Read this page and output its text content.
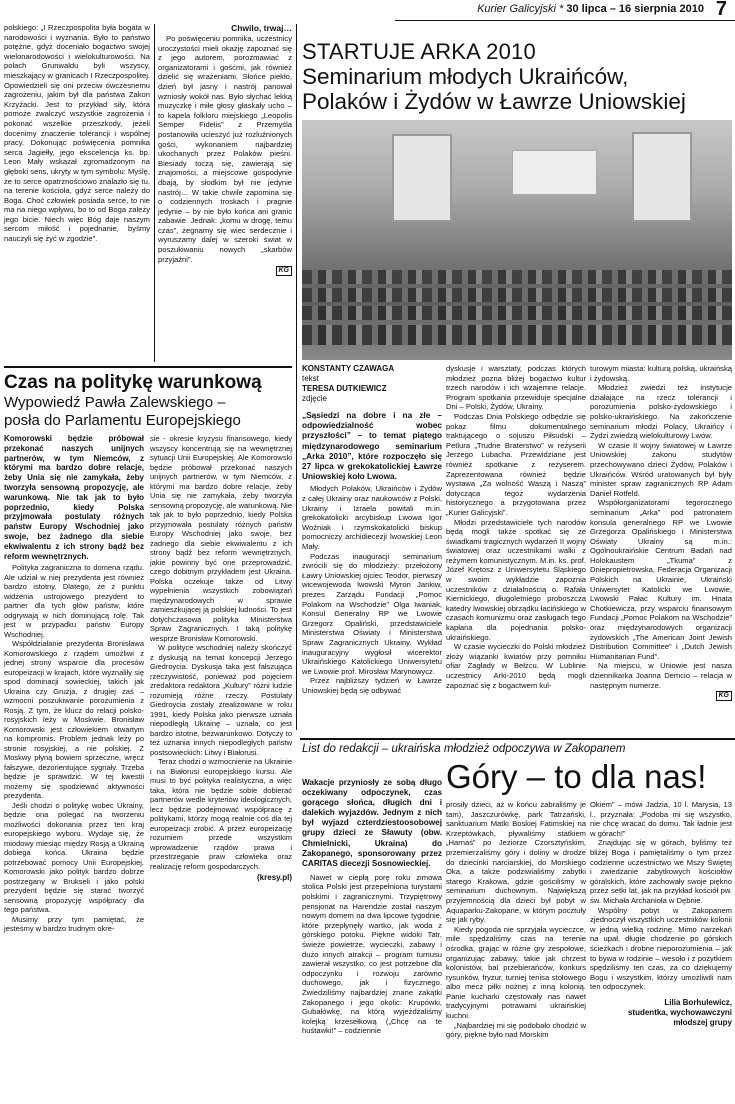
Kurier Galicyjski * 30 lipca – 16 sierpnia 2010 7

polskiego: „I Rzeczpospolita była bogata w narodowości i wyznania. Było to państwo potężne, gdyż doceniało bogactwo swojej wielonarodowości i wielokulturowości. Na polach Grunwaldu byli wszyscy, mieszkający w granicach I Rzeczpospolitej. Opowiedzieli się oni przeciw ówczesnemu zagrożeniu, jakim był dla państwa Zakon Krzyżacki. Jest to przykład siły, która pomoże zwalczyć wszystkie zagrożenia i pokonać wszelkie przeszkody, jeżeli docenimy znaczenie tolerancji i wspólnej pracy. Dokonując poświęcenia pomnika serca Jagiełły, jego ekscelencja ks. bp. Leon Mały wskazał zgromadzonym na głęboki sens, ukryty w tym symbolu: Myślę, że to serce opatrznościowo znalazło się tu, na terenie kościoła, gdyż serce należy do Boga. Choć człowiek posiada serce, to nie ma na niego wpływu, bo to od Boga zależy jego bicie. Niech więc Bóg daje naszym sercom miłość i pojednanie, byśmy nauczyli się żyć w zgodzie”.

Chwilo, trwaj…

Po poświęceniu pomnika, uczestnicy uroczystości mieli okazję zapoznać się z jego autorem, porozmawiać z organizatorami i gośćmi, jak również dzielić się wrażeniami. Słońce piekło, dzień był jasny i nastrój panował wzniosły wokół nas. Było słychać lekką muzyczkę i miłe głosy głaskały ucho – to kapela folkloru miejskiego „Leopolis Semper Fidelis” z Przemyśla postanowiła ucieszyć już rozluźnionych gości, wykonaniem najbardziej ukochanych przez Polaków pieśni. Biesiady toczą się, zawierają się znajomości, a miejscowe gospodynie dbają, by słodkim był nie jedynie nastrój… W takie chwile zapomina się o codziennych troskach i pragnie jedynie – by nie było końca ani granic zabawie. Jednak: „komu w drogę, temu czas”, żegnamy się wiec serdecznie i wyruszamy dalej w szeroki świat w poszukiwaniu nowych „skarbów przyjaźni”.

KG
STARTUJE ARKA 2010
Seminarium młodych Ukraińców,
Polaków i Żydów w Ławrze Uniowskiej
KONSTANTY CZAWAGA
tekst
TERESA DUTKIEWICZ
zdjęcie

„Sąsiedzi na dobre i na złe – odpowiedzialność wobec przyszłości” – to temat piątego międzynarodowego seminarium „Arka 2010”, które rozpoczęło się 27 lipca w grekokatolickiej Ławrze Uniowskiej koło Lwowa.

Młodych Polaków, Ukraińców i Żydów z całej Ukrainy oraz naukowców z Polski, Ukrainy i Izraela powitali m.in. grekokatolicki arcybiskup Lwowa Igor Woźniak i rzymskokatolicki biskup pomocniczy archidiecezji lwowskiej Leon Mały.

Podczas inauguracji seminarium zwrócili się do młodzieży: przełożony Ławry Uniowskiej ojciec Teodor, pierwszy wicewojewoda lwowski Myron Jankiw, prezes Zarządu Fundacji „Pomoc Polakom na Wschodzie” Olga Iwaniak, Konsul Generalny RP we Lwowie Grzegorz Opaliński, przedstawiciele Ministerstwa Oświaty i Ministerstwa Spraw Zagranicznych Ukrainy. Wykład inauguracyjny wygłosił wicerektor Ukraińskiego Katolickiego Uniwersytetu we Lwowie prof. Mirosław Marynowycz.

Przez najbliższy tydzień w Ławrze Uniowskiej będą się odbywać

dyskusje i warsztaty, podczas których młodzież pozna bliżej bogactwo kultur trzech narodów i ich wzajemne relacje. Program spotkania przewiduje specjalne Dni – Polski, Żydów, Ukrainy.

Podczas Dnia Polskiego odbędzie się pokaz filmu dokumentalnego traktującego o sojuszu Piłsudski – Petlura „Trudne Braterstwo” w reżyserii Jerzego Lubacha. Przewidziane jest również spotkanie z reżyserem. Zaprezentowana również będzie wystawa „Za wolność Waszą i Naszą” dotycząca tegoż wydarzenia historycznego a przygotowana przez „Kurier Galicyjski”.

Młodzi przedstawiciele tych narodów będą mogli także spotkać się ze świadkami tragicznych wydarzeń II wojny światowej oraz uczestnikami walki z reżymem komunistycznym. M.in. ks. prof. Józef Krętosz z Uniwersytetu Śląskiego w swoim wykładzie zapoznia uczestników z działalnością o. Rafała Kiernickiego, długoletniego proboszcza katedry lwowskiej obrządku łacińskiego w czasach komunizmu oraz zasługach tego kapłana dla pojednania polsko-ukraińskiego.

W czasie wycieczki do Polski młodzież złoży wiązanki kwiatów przy pomniku ofiar Zagłady w Bełżcu. W Lublinie uczestnicy Arki-2010 będą mogli zapoznać się z bogactwem kul-

turowym miasta: kulturą polską, ukraińską i żydowską.

Młodzież zwiedzi też instytucje działające na rzecz tolerancji i porozumienia polsko-żydowskiego i polsko-ukraińskiego. Na zakończenie seminarium młodzi Polacy, Ukraińcy i Żydzi zwiedzą wielokulturowy Lwów.

W czasie II wojny światowej w Ławrze Uniowskiej zakonu studytów przechowywano dzieci Żydów, Polaków i Ukraińców. Wśród uratowanych był były minister spraw zagranicznych RP Adam Daniel Rotfeld.

Współorganizatorami tegorocznego seminarium „Arka” pod patronatem konsula generalnego RP we Lwowie Grzegorza Opalińskiego i Ministerstwa Oświaty Ukrainy są m.in.: Ogólnoukraińskie Centrum Badań nad Holokaustem „Tkuma” z Dniepropietrowska, Federacja Organizacji Polskich na Ukrainie, Ukraiński Uniwersytet Katolicki we Lwowie, Lwowski Pałac Kultury im. Hnata Chotkiewicza, przy wsparciu finansowym Fundacji „Pomoc Polakom na Wschodzie” oraz międzynarodowych organizacji żydowskich „The American Joint Jewish Distribution Committee” i „Dutch Jewish Humanitarian Fund”.

Na miejscu, w Uniowie jest nasza dziennikarka Joanna Demcio – relacja w następnym numerze.

KG
Czas na politykę warunkową
Wypowiedź Pawła Zalewskiego –
posła do Parlamentu Europejskiego

Komorowski będzie próbował przekonać naszych unijnych partnerów, w tym Niemców, z którymi ma bardzo dobre relacje, żeby Unia się nie zamykała, żeby tworzyła sensowną propozycję, ale warunkową. Nie tak jak to było poprzednio, kiedy Polska przyjmowała postulaty różnych państw Europy Wschodniej jako swoje, bez żadnego dla siebie ekwiwalentu z ich strony bądź bez reform wewnętrznych.

Polityka zagraniczna to domena rządu. Ale udział w niej prezydenta jest również bardzo istotny. Dlatego, że z punktu widzenia ustrojowego prezydent to partner dla tych głów państw, które odgrywają w nich dominującą rolę. Tak jest w przypadku państw Europy Wschodniej.

Współdziałanie prezydenta Bronisława Komorowskiego z rządem umożliwi z jednej strony wsparcie dla procesów europeizacji w krajach, które wyznaliły się spod dominacji sowieckiej, takich jak Ukraina czy Gruzja, z drugiej zaś – wzmocni poszukiwanie porozumienia z Rosją. Z tym, że klucz do relacji polsko-rosyjskich leży w Moskwie. Bronisław Komorowski jest człowiekiem otwartym na kompromis. Problem jednak leży po stronie rosyjskiej, a nie polskiej. Z Moskwy płyną bowiem sprzeczne, wręcz fałszywe, dezorientujące sygnały. Trzeba będzie je sprawdzić. W tej kwestii możemy się spodziewać aktywności prezydenta.

Jeśli chodzi o politykę wobec Ukrainy, będzie ona polegać na tworzeniu możliwości dokonania przez ten kraj europejskiego wyboru. Wydaje się, że miodowy miesiąc między Rosją a Ukrainą dobiega końca. Ukraina będzie potrzebować pomocy Unii Europejskiej. Komorowski jako polityk bardzo dobrze postrzegany w Brukseli i jako polski prezydent będzie się starać tworzyć sensowną propozycję współpracy dla tego państwa.

Musimy przy tym pamiętać, że jesteśmy w bardzo trudnym okre-

sie - okresie kryzysu finansowego, kiedy wszyscy koncentrują się na wewnętrznej sytuacji Unii Europejskiej. Ale Komorowski będzie próbował przekonać naszych unijnych partnerów, w tym Niemców, z którymi ma bardzo dobre relacje, żeby Unia się nie zamykała, żeby tworzyła sensowną propozycję, ale warunkową. Nie tak jak to było poprzednio, kiedy Polska przyjmowała postulaty różnych państw Europy Wschodniej jako swoje, bez żadnego dla siebie ekwiwalentu z ich strony bądź bez reform wewnętrznych, jakie powinny być one przeprowadzić, czego dobitnym przykładem jest Ukraina. Polska oczekuje także od Litwy wypełnienia wszystkich zobowiązań międzynarodowych w sprawie zamieszkującej ją polskiej ludności. To jest dotychczasowa polityka Ministerstwa Spraw Zagranicznych. I taką politykę wesprze Bronisław Komorowski.

W polityce wschodniej należy skończyć z dyskusją na temat koncepcji Jerzego Giedroycia. Dyskusja taka jest fałszująca rzeczywistość, ponieważ pod pojęciem zredaktora redaktora „Kultury” różni ludzie rozumieją różne rzeczy. Postulaty Giedroycia zostały zrealizowane w roku 1991, kiedy Polska jako pierwsze uznała niepodległą Ukrainę – uznała, co jest bardzo istotne, bezwarunkowo. Dotyczy to też uznania innych niepodległych państw postsowieckich: Litwy i Białorusi.

Teraz chodzi o wzmocnienie na Ukrainie i na Białorusi europejskiego kursu. Ale musi to być polityka realistyczna, a więc taka, która nie będzie sobie dobierać partnerów wedle kryteriów ideologicznych, lecz będzie podejmować współpracę z politykami, którzy mogą realnie coś dla tej europeizacji zrobić. A przez europeizację rozumiem przede wszystkim wprowadzenie rządów prawa i przestrzeganie praw człowieka oraz realizację reform gospodarczych.

(kresy.pl)
List do redakcji – ukraińska młodzież odpoczywa w Zakopanem
Góry – to dla nas!

Wakacje przyniosły ze sobą długo oczekiwany odpoczynek, czas gorącego słońca, długich dni i dalekich wyjazdów. Jednym z nich był wyjazd czterdziestoosobowej grupy dzieci ze Sławuty (obw. Chmielnicki, Ukraina) do Zakopanego, sponsorowany przez CARITAS diecezji Sosnowieckiej.

Nawet w ciepłą porę roku zimowa stolica Polski jest przepełniona turystami polskimi i zagranicznymi. Trzypiętrowy pensjonat na Harendzie został naszym nowym domem na dwa lipcowe tygodnie, które przepłynęły wartko, jak woda z górskiego potoku. Piękne widoki Tatr, świeże powietrze, wycieczki, zabawy i dużo innych atrakcji – program turnusu zawierał wszystko, co jest potrzebne dla odpoczynku i rozwoju zarówno duchowego, jak i fizycznego. Zwiedziliśmy najbardziej znane zakątki Zakopanego i jego okolic: Krupówki, Gubałówkę, na którą wyjeżdżaliśmy kolejką krzesełkową („Chcę na te huśtawki!” – codziennie

prosiły dzieci, aż w końcu zabraliśmy je tam), Jaszczurówkę, park Tatrzański, sanktuarium Matki Boskiej Fatimskiej na Krzeptówkach, pływaliśmy statkiem „Harnaś” po Jeziorze Czorsztyńskim, przemierzaliśmy góry i doliny w drodze do dziecinki narciarskiej, do Morskiego Oka, a także podziwialiśmy zabytki starego Krakowa, gdzie gościliśmy w seminarium duchownym. Największą przyjemnością dla dzieci był pobyt w Aquaparku-Zakopane, w którym pocztuły się jak ryby.

Kiedy pogoda nie sprzyjała wycieczce, mile spędzaliśmy czas na terenie ośrodka, grając w różne gry zespołowe, organizując zabawy, takie jak chrzest kolonistów, bal przebierańców, konkurs rysunków, fryzur, turniej tenisa stołowego albo mecz piłki nożnej z inną kolonią. Panie kucharki częstowały nas nawet tradycyjnymi potrawami ukraińskiej kuchni.

„Najbardziej mi się podobało chodzić w góry, piękne było nad Morskim

Okiem” – mówi Jadzia, 10 l. Marysia, 13 l., przyznała: „Podoba mi się wszystko, nie chcę wracać do domu. Tak ładnie jest w górach!”

Znajdując się w górach, byliśmy też bliżej Boga i pamiętaliśmy o tym przez codzienne uczestnictwo we Mszy Świętej i zwiedzanie zabytkowych kościołów góralskich, które zachowały swoje piękno przez setki lat, jak na przykład kościół pw. św. Michała Archanioła w Dębnie.

Wspólny pobyt w Zakopanem zjednoczył wszystkich uczestników kolonii w jedną wielką rodzinę. Mimo narzekań na upał, długie chodzenie po górskich ścieżkach i drobne nieporozumienia – jak to bywa w rodzinie – wesoło i z pożytkiem spędziliśmy ten czas, za co dziękujemy Bogu i wszystkim, którzy umożliwili nam ten odpoczynek.

Lilia Borhulewicz,
studentka, wychowawczyni
młodszej grupy
